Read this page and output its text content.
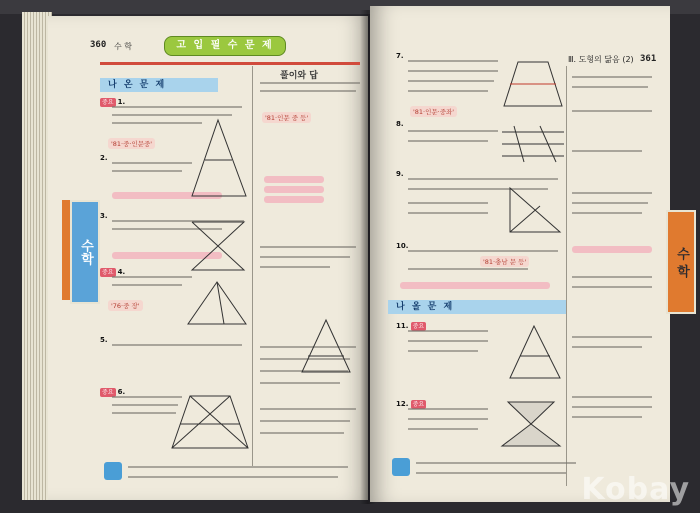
360 수 학	고 입 필 수 문 제
나 온 문 제
풀이와 답
중요 1.
2.
3.
중요 4.
5.
중요 6.
'81·중·인문중'
'76·중 장'
'81·인문 중 등'
수학
Ⅲ. 도형의 닮음 (2) 361
7.
8.
9.
10.
나 올 문 제
11. 중요
12. 중요
'81·인문·중좌'
'81·충남 문 등'	수 학
Kobay
